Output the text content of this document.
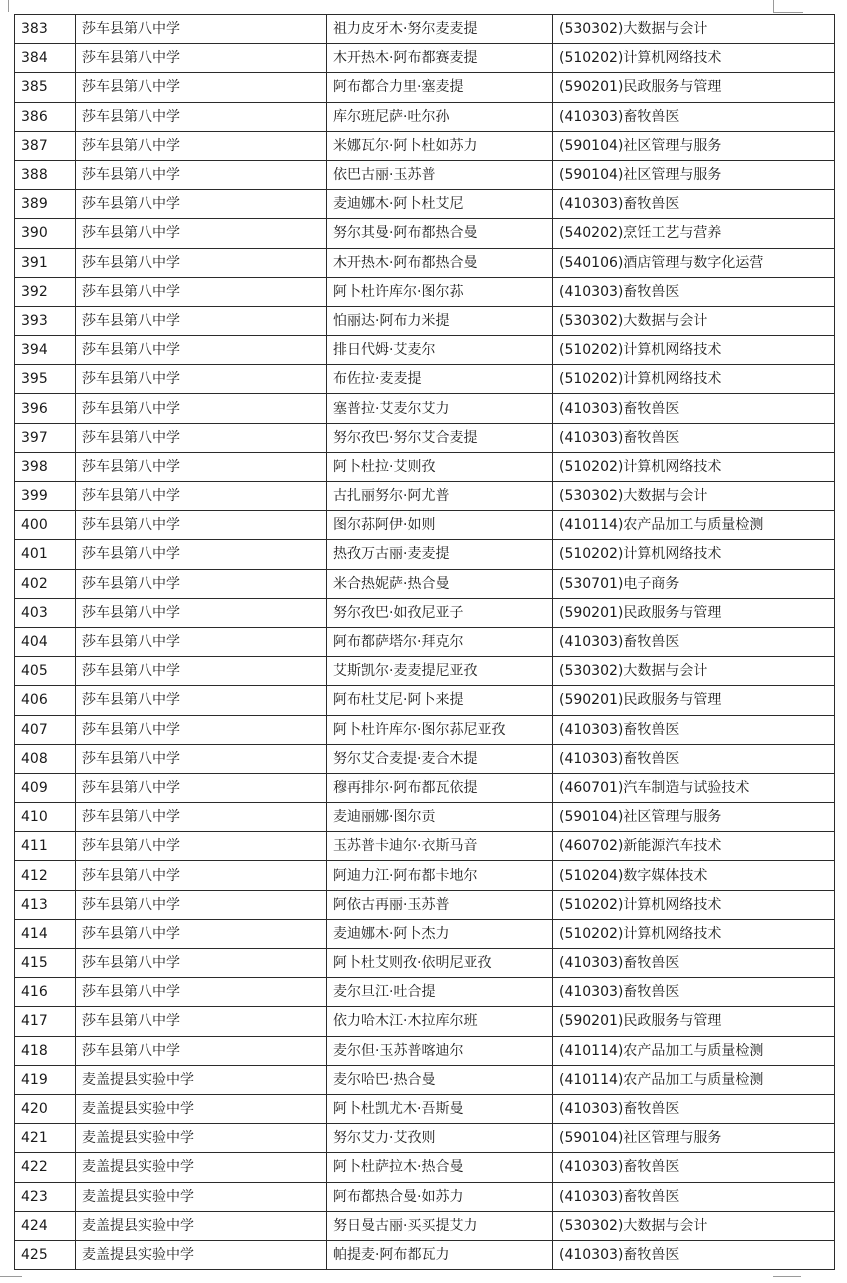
383	莎车县第八中学	祖力皮牙木·努尔麦麦提	(530302)大数据与会计
384	莎车县第八中学	木开热木·阿布都赛麦提	(510202)计算机网络技术
385	莎车县第八中学	阿布都合力里·塞麦提	(590201)民政服务与管理
386	莎车县第八中学	库尔班尼萨·吐尔孙	(410303)畜牧兽医
387	莎车县第八中学	米娜瓦尔·阿卜杜如苏力	(590104)社区管理与服务
388	莎车县第八中学	依巴古丽·玉苏普	(590104)社区管理与服务
389	莎车县第八中学	麦迪娜木·阿卜杜艾尼	(410303)畜牧兽医
390	莎车县第八中学	努尔其曼·阿布都热合曼	(540202)烹饪工艺与营养
391	莎车县第八中学	木开热木·阿布都热合曼	(540106)酒店管理与数字化运营
392	莎车县第八中学	阿卜杜许库尔·图尔荪	(410303)畜牧兽医
393	莎车县第八中学	怕丽达·阿布力米提	(530302)大数据与会计
394	莎车县第八中学	排日代姆·艾麦尔	(510202)计算机网络技术
395	莎车县第八中学	布佐拉·麦麦提	(510202)计算机网络技术
396	莎车县第八中学	塞普拉·艾麦尔艾力	(410303)畜牧兽医
397	莎车县第八中学	努尔孜巴·努尔艾合麦提	(410303)畜牧兽医
398	莎车县第八中学	阿卜杜拉·艾则孜	(510202)计算机网络技术
399	莎车县第八中学	古扎丽努尔·阿尤普	(530302)大数据与会计
400	莎车县第八中学	图尔荪阿伊·如则	(410114)农产品加工与质量检测
401	莎车县第八中学	热孜万古丽·麦麦提	(510202)计算机网络技术
402	莎车县第八中学	米合热妮萨·热合曼	(530701)电子商务
403	莎车县第八中学	努尔孜巴·如孜尼亚子	(590201)民政服务与管理
404	莎车县第八中学	阿布都萨塔尔·拜克尔	(410303)畜牧兽医
405	莎车县第八中学	艾斯凯尔·麦麦提尼亚孜	(530302)大数据与会计
406	莎车县第八中学	阿布杜艾尼·阿卜来提	(590201)民政服务与管理
407	莎车县第八中学	阿卜杜许库尔·图尔荪尼亚孜	(410303)畜牧兽医
408	莎车县第八中学	努尔艾合麦提·麦合木提	(410303)畜牧兽医
409	莎车县第八中学	穆再排尔·阿布都瓦依提	(460701)汽车制造与试验技术
410	莎车县第八中学	麦迪丽娜·图尔贡	(590104)社区管理与服务
411	莎车县第八中学	玉苏普卡迪尔·衣斯马音	(460702)新能源汽车技术
412	莎车县第八中学	阿迪力江·阿布都卡地尔	(510204)数字媒体技术
413	莎车县第八中学	阿依古再丽·玉苏普	(510202)计算机网络技术
414	莎车县第八中学	麦迪娜木·阿卜杰力	(510202)计算机网络技术
415	莎车县第八中学	阿卜杜艾则孜·依明尼亚孜	(410303)畜牧兽医
416	莎车县第八中学	麦尔旦江·吐合提	(410303)畜牧兽医
417	莎车县第八中学	依力哈木江·木拉库尔班	(590201)民政服务与管理
418	莎车县第八中学	麦尔但·玉苏普喀迪尔	(410114)农产品加工与质量检测
419	麦盖提县实验中学	麦尔哈巴·热合曼	(410114)农产品加工与质量检测
420	麦盖提县实验中学	阿卜杜凯尤木·吾斯曼	(410303)畜牧兽医
421	麦盖提县实验中学	努尔艾力·艾孜则	(590104)社区管理与服务
422	麦盖提县实验中学	阿卜杜萨拉木·热合曼	(410303)畜牧兽医
423	麦盖提县实验中学	阿布都热合曼·如苏力	(410303)畜牧兽医
424	麦盖提县实验中学	努日曼古丽·买买提艾力	(530302)大数据与会计
425	麦盖提县实验中学	帕提麦·阿布都瓦力	(410303)畜牧兽医
